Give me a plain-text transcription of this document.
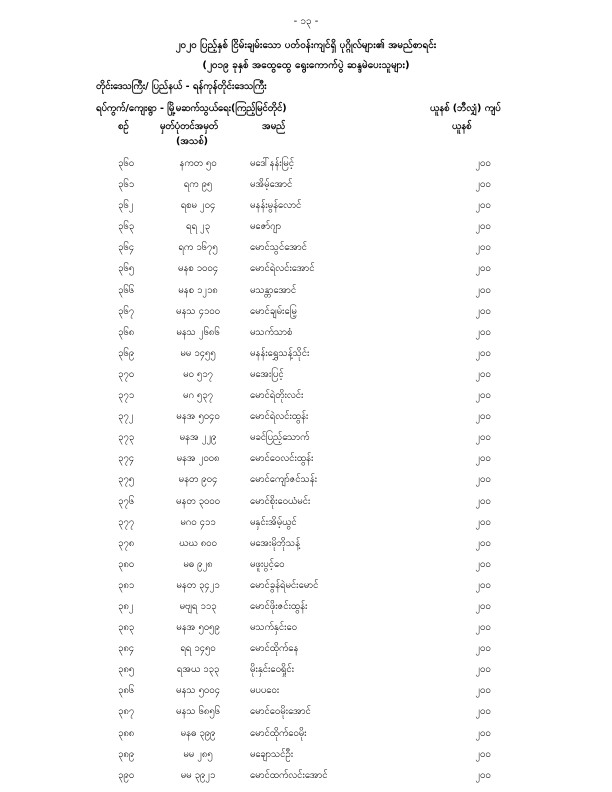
- ၁၃ -
၂၀၂၀ ပြည့်နှစ် ငြိမ်းချမ်းသော ပတ်ဝန်းကျင်ရှိ ပုဂ္ဂိုလ်များ၏ အမည်စာရင်း
(၂၀၁၉ ခုနှစ် အထွေထွေ ရွေးကောက်ပွဲ ဆန္ဒမဲပေးသူများ)
တိုင်းဒေသကြီး/ ပြည်နယ် - ရန်ကုန်တိုင်းဒေသကြီး
ရပ်ကွက်/ကျေးရွာ - မြို့မဆက်သွယ်ရေး(ကြည့်မြင်တိုင်)	ယူနစ် (ဘီလျှံ) ကျပ်
စဉ်	မှတ်ပုံတင်အမှတ်
(အသစ်)
အမည်	ယူနစ်
၃၆၀	နကတ ၅၀	မဒေါ်နန်းမြင့်	၂၀၀
၃၆၁	ရက ၉၅	မအိမ့်အောင်	၂၀၀
၃၆၂	ရစမ ၂၀၄	မနန်းမွန်လောင်	၂၀၀
၃၆၃	ရရ ၂၃	မဇော်ဂျာ	၂၀၀
၃၆၄	ရက ၁၆၇၅	မောင်သွင်အောင်	၂၀၀
၃၆၅	မနစ ၁၀၀၄	မောင်ရဲလင်းအောင်	၂၀၀
၃၆၆	မနစ ၁၂၁၈	မသန္တာအောင်	၂၀၀
၃၆၇	မနသ ၄၁၀၀	မောင်ချမ်းမြေ့	၂၀၀
၃၆၈	မနသ ၂၆၈၆	မသက်သာစံ	၂၀၀
၃၆၉	မမ ၁၄၅၅	မနန်းရွှေသန့်သိုင်း	၂၀၀
၃၇၀	မဝ ၅၁၇	မအေးပြင့်	၂၀၀
၃၇၁	မဂ ၅၃၇	မောင်ရဲတိုးလင်း	၂၀၀
၃၇၂	မနအ ၅၀၄၀	မောင်ရဲလင်းထွန်း	၂၀၀
၃၇၃	မနအ ၂၂၉	မခင်ပြည့်သောက်	၂၀၀
၃၇၄	မနအ ၂၀၀၈	မောင်ဝေလင်းထွန်း	၂၀၀
၃၇၅	မနတ ၉၀၄	မောင်ကျော်ဇင်သန်း	၂၀၀
၃၇၆	မနတ ၃၀၀၀	မောင်စိုးဝေယံမင်း	၂၀၀
၃၇၇	မဂဝ ၄၁၁	မနှင်းအိမ့်ယွင်	၂၀၀
၃၇၈	ဃဃ ၈၀၀	မအေးမိုဘိုသန့်	၂၀၀
၃၈၀	မဓ ၉၂၈	မဖူးပွင့်ဝေ	၂၀၀
၃၈၁	မနတ ၃၄၂၁	မောင်ခွန်ရဲမင်းမောင်	၂၀၀
၃၈၂	မဗျရ ၁၁၃	မောင်ဖိုးဇင်းထွန်း	၂၀၀
၃၈၃	မနအ ၅၀၅၉	မသက်နှင်းဝေ	၂၀၀
၃၈၄	ရရ ၁၄၅၀	မောင်ထိုက်နေ	၂၀၀
၃၈၅	ရအယ ၁၃၃	မိုးနှင်းဝေရှိုင်း	၂၀၀
၃၈၆	မနသ ၅၀၀၄	မပပဝေး	၂၀၀
၃၈၇	မနသ ၆၈၅၆	မောင်ဝေမိုးအောင်	၂၀၀
၃၈၈	မနဓ ၃၉၉	မောင်ထိုက်ဝေမိုး	၂၀၀
၃၈၉	မမ ၂၈၅	မချောသင်ဦး	၂၀၀
၃၉၀	မမ ၃၉၂၁	မောင်ထက်လင်းအောင်	၂၀၀
